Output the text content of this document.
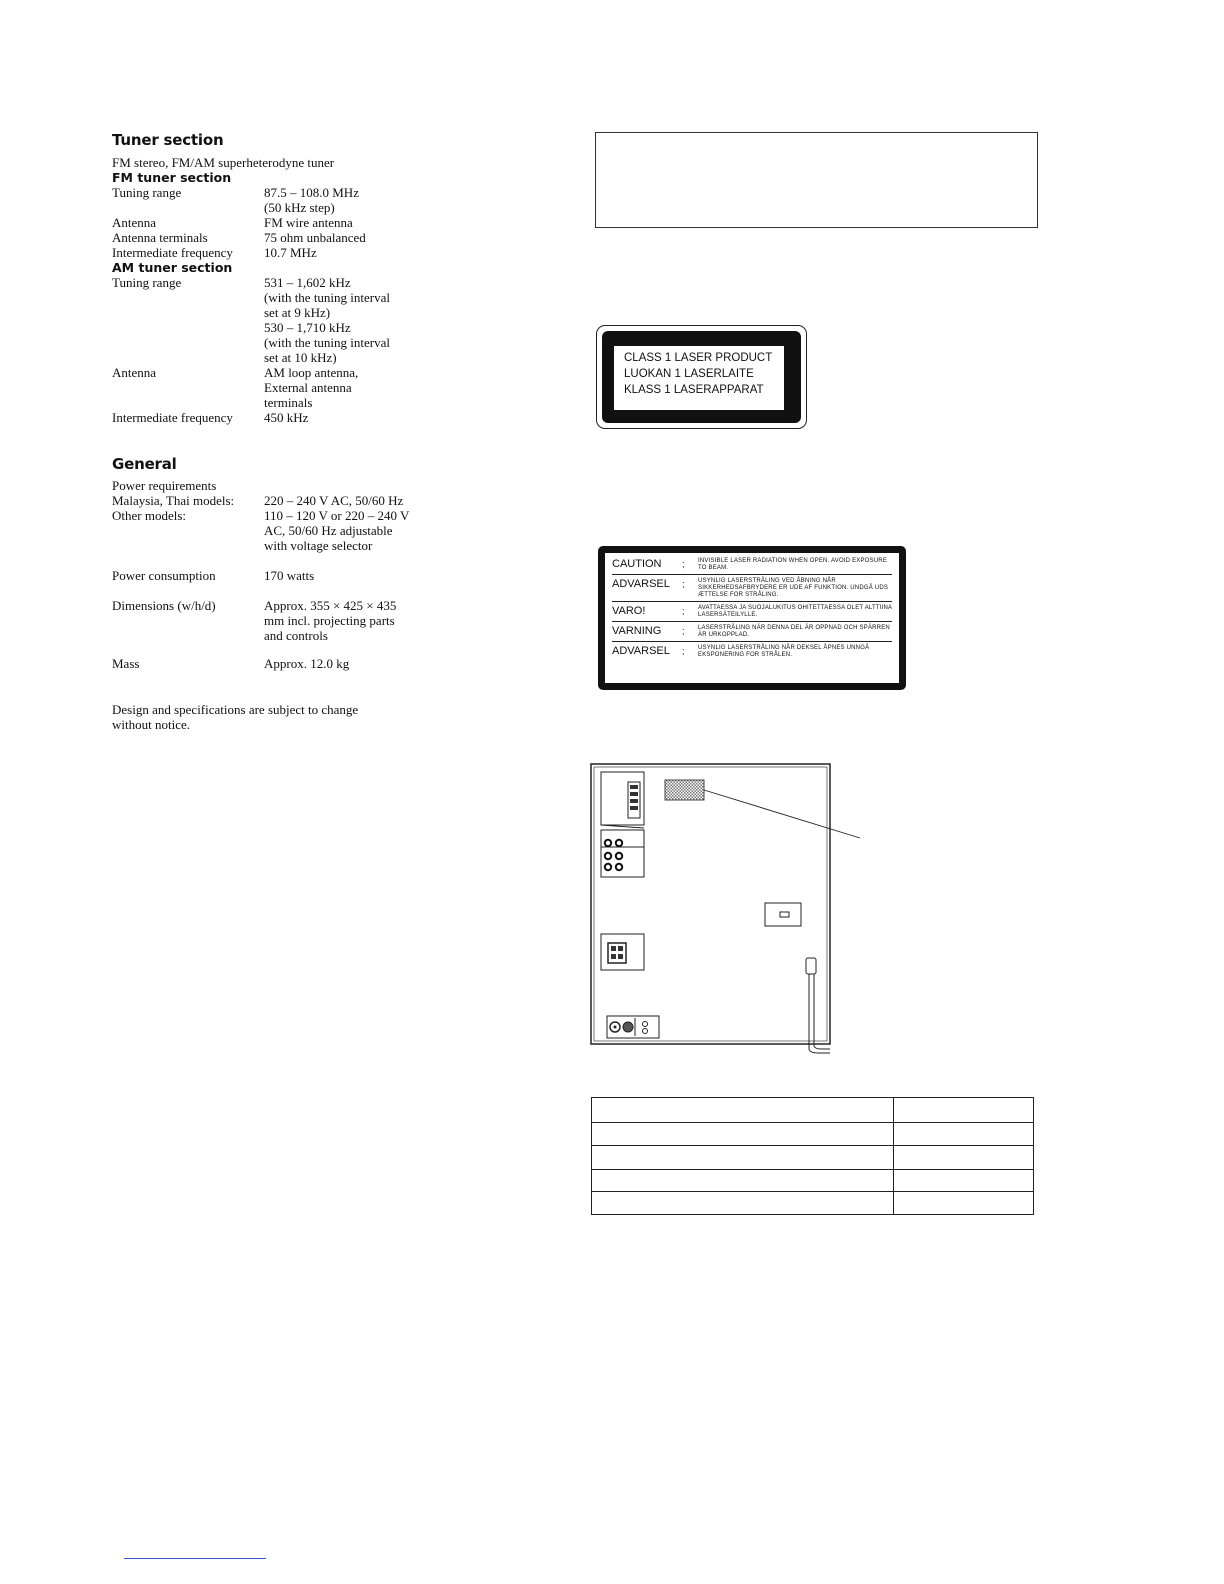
Tuner section
FM stereo, FM/AM superheterodyne tuner
FM tuner section
Tuning range	87.5 – 108.0 MHz
(50 kHz step)
Antenna	FM wire antenna
Antenna terminals	75 ohm unbalanced
Intermediate frequency 10.7 MHz
AM tuner section
Tuning range	531 – 1,602 kHz
(with the tuning interval
set at 9 kHz)
530 – 1,710 kHz
(with the tuning interval
set at 10 kHz)
Antenna	AM loop antenna,
External antenna
terminals
Intermediate frequency 450 kHz
General
Power requirements
Malaysia, Thai models: 220 – 240 V AC, 50/60 Hz
Other models:	110 – 120 V or 220 – 240 V
AC, 50/60 Hz adjustable
with voltage selector
Power consumption	170 watts
Dimensions (w/h/d)	Approx. 355 × 425 × 435
mm incl. projecting parts
and controls
Mass	Approx. 12.0 kg
Design and specifications are subject to change
without notice.
CLASS 1 LASER PRODUCT
LUOKAN 1 LASERLAITE
KLASS 1 LASERAPPARAT
CAUTION	;	INVISIBLE LASER RADIATION WHEN OPEN. AVOID EXPOSURE TO BEAM.
ADVARSEL	;	USYNLIG LASERSTRÅLING VED ÅBNING NÅR SIKKERHEDSAFBRYDERE ER UDE AF FUNKTION. UNDGÅ UDS ÆTTELSE FOR STRÅLING.
VARO!	;	AVATTAESSA JA SUOJALUKITUS OHITETTAESSA OLET ALTTIINA LASERSÄTEILYLLE.
VARNING	;	LASERSTRÅLING NÄR DENNA DEL ÄR OPPNAD OCH SPÄRREN ÄR URKOPPLAD.
ADVARSEL	;	USYNLIG LASERSTRÅLING NÅR DEKSEL ÅPNES UNNGÅ EKSPONERING FOR STRÅLEN.
